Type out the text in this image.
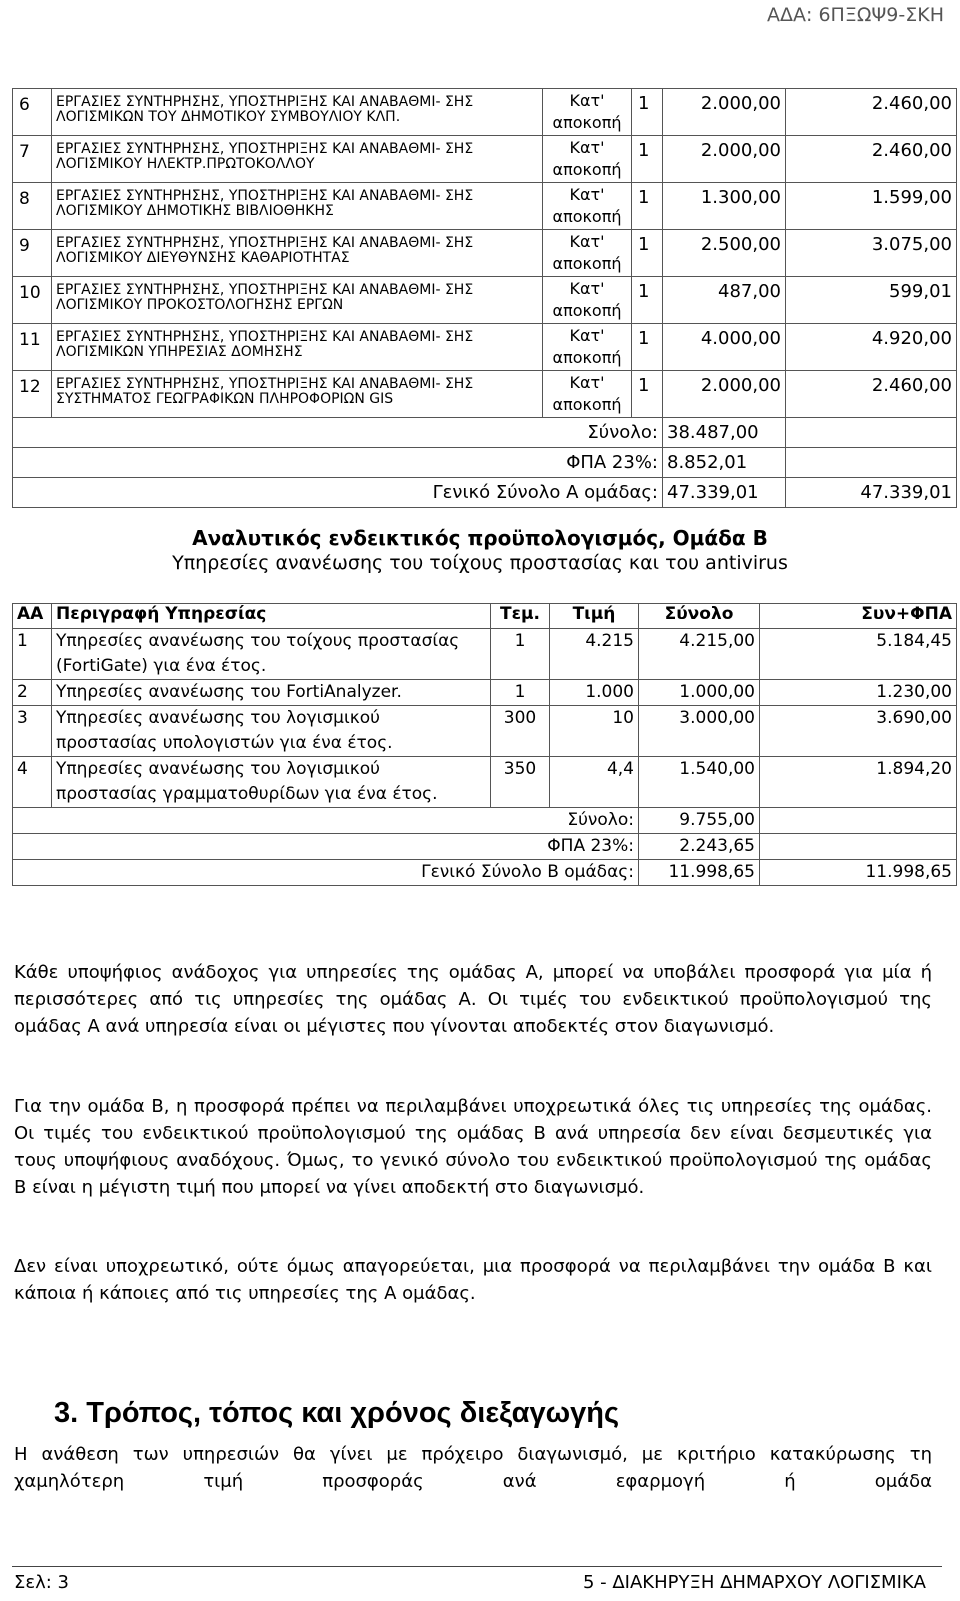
ΑΔΑ: 6ΠΞΩΨ9-ΣΚΗ
6	ΕΡΓΑΣΙΕΣ ΣΥΝΤΗΡΗΣΗΣ, ΥΠΟΣΤΗΡΙΞΗΣ ΚΑΙ ΑΝΑΒΑΘΜΙ- ΣΗΣ ΛΟΓΙΣΜΙΚΩΝ ΤΟΥ ΔΗΜΟΤΙΚΟΥ ΣΥΜΒΟΥΛΙΟΥ ΚΛΠ.	Κατ' αποκοπή	1	2.000,00	2.460,00
7	ΕΡΓΑΣΙΕΣ ΣΥΝΤΗΡΗΣΗΣ, ΥΠΟΣΤΗΡΙΞΗΣ ΚΑΙ ΑΝΑΒΑΘΜΙ- ΣΗΣ ΛΟΓΙΣΜΙΚΟΥ ΗΛΕΚΤΡ.ΠΡΩΤΟΚΟΛΛΟΥ	Κατ' αποκοπή	1	2.000,00	2.460,00
8	ΕΡΓΑΣΙΕΣ ΣΥΝΤΗΡΗΣΗΣ, ΥΠΟΣΤΗΡΙΞΗΣ ΚΑΙ ΑΝΑΒΑΘΜΙ- ΣΗΣ ΛΟΓΙΣΜΙΚΟΥ ΔΗΜΟΤΙΚΗΣ ΒΙΒΛΙΟΘΗΚΗΣ	Κατ' αποκοπή	1	1.300,00	1.599,00
9	ΕΡΓΑΣΙΕΣ ΣΥΝΤΗΡΗΣΗΣ, ΥΠΟΣΤΗΡΙΞΗΣ ΚΑΙ ΑΝΑΒΑΘΜΙ- ΣΗΣ ΛΟΓΙΣΜΙΚΟΥ ΔΙΕΥΘΥΝΣΗΣ ΚΑΘΑΡΙΟΤΗΤΑΣ	Κατ' αποκοπή	1	2.500,00	3.075,00
10	ΕΡΓΑΣΙΕΣ ΣΥΝΤΗΡΗΣΗΣ, ΥΠΟΣΤΗΡΙΞΗΣ ΚΑΙ ΑΝΑΒΑΘΜΙ- ΣΗΣ ΛΟΓΙΣΜΙΚΟΥ ΠΡΟΚΟΣΤΟΛΟΓΗΣΗΣ ΕΡΓΩΝ	Κατ' αποκοπή	1	487,00	599,01
11	ΕΡΓΑΣΙΕΣ ΣΥΝΤΗΡΗΣΗΣ, ΥΠΟΣΤΗΡΙΞΗΣ ΚΑΙ ΑΝΑΒΑΘΜΙ- ΣΗΣ ΛΟΓΙΣΜΙΚΩΝ ΥΠΗΡΕΣΙΑΣ ΔΟΜΗΣΗΣ	Κατ' αποκοπή	1	4.000,00	4.920,00
12	ΕΡΓΑΣΙΕΣ ΣΥΝΤΗΡΗΣΗΣ, ΥΠΟΣΤΗΡΙΞΗΣ ΚΑΙ ΑΝΑΒΑΘΜΙ- ΣΗΣ ΣΥΣΤΗΜΑΤΟΣ ΓΕΩΓΡΑΦΙΚΩΝ ΠΛΗΡΟΦΟΡΙΩΝ GIS	Κατ' αποκοπή	1	2.000,00	2.460,00
Σύνολο:				38.487,00	
ΦΠΑ 23%:				8.852,01	
Γενικό Σύνολο Α ομάδας:				47.339,01	47.339,01
Αναλυτικός ενδεικτικός προϋπολογισμός, Ομάδα Β
Υπηρεσίες ανανέωσης του τοίχους προστασίας και του antivirus
ΑΑ	Περιγραφή Υπηρεσίας	Τεμ.	Τιμή	Σύνολο	Συν+ΦΠΑ
1	Υπηρεσίες ανανέωσης του τοίχους προστασίας (FortiGate) για ένα έτος.	1	4.215	4.215,00	5.184,45
2	Υπηρεσίες ανανέωσης του FortiAnalyzer.	1	1.000	1.000,00	1.230,00
3	Υπηρεσίες ανανέωσης του λογισμικού προστασίας υπολογιστών για ένα έτος.	300	10	3.000,00	3.690,00
4	Υπηρεσίες ανανέωσης του λογισμικού προστασίας γραμματοθυρίδων για ένα έτος.	350	4,4	1.540,00	1.894,20
Σύνολο:				9.755,00	
ΦΠΑ 23%:				2.243,65	
Γενικό Σύνολο Β ομάδας:				11.998,65	11.998,65

Κάθε υποψήφιος ανάδοχος για υπηρεσίες της ομάδας Α, μπορεί να υποβάλει προσφορά για μία ή περισσότερες από τις υπηρεσίες της ομάδας Α. Οι τιμές του ενδεικτικού προϋπολογισμού της ομάδας Α ανά υπηρεσία είναι οι μέγιστες που γίνονται αποδεκτές στον διαγωνισμό.

Για την ομάδα Β, η προσφορά πρέπει να περιλαμβάνει υποχρεωτικά όλες τις υπηρεσίες της ομάδας. Οι τιμές του ενδεικτικού προϋπολογισμού της ομάδας Β ανά υπηρεσία δεν είναι δεσμευτικές για τους υποψήφιους αναδόχους. Όμως, το γενικό σύνολο του ενδεικτικού προϋπολογισμού της ομάδας Β είναι η μέγιστη τιμή που μπορεί να γίνει αποδεκτή στο διαγωνισμό.

Δεν είναι υποχρεωτικό, ούτε όμως απαγορεύεται, μια προσφορά να περιλαμβάνει την ομάδα Β και κάποια ή κάποιες από τις υπηρεσίες της Α ομάδας.

3. Τρόπος, τόπος και χρόνος διεξαγωγής

Η ανάθεση των υπηρεσιών θα γίνει με πρόχειρο διαγωνισμό, με κριτήριο κατακύρωσης τη χαμηλότερη τιμή προσφοράς ανά εφαρμογή ή ομάδα

Σελ: 3	5 - ΔΙΑΚΗΡΥΞΗ ΔΗΜΑΡΧΟΥ ΛΟΓΙΣΜΙΚΑ
